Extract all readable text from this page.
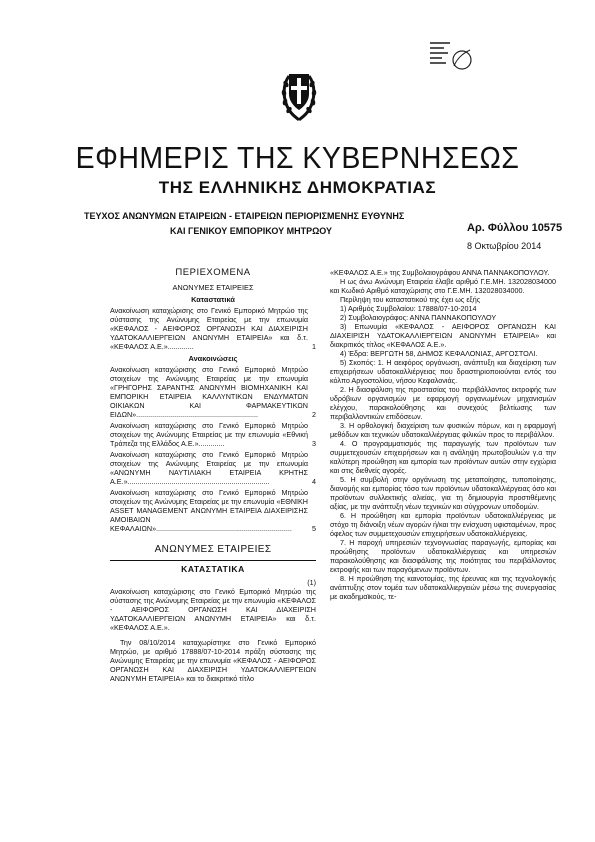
ΕΦΗΜΕΡΙΣ ΤΗΣ ΚΥΒΕΡΝΗΣΕΩΣ
ΤΗΣ ΕΛΛΗΝΙΚΗΣ ΔΗΜΟΚΡΑΤΙΑΣ
ΤΕΥΧΟΣ ΑΝΩΝΥΜΩΝ ΕΤΑΙΡΕΙΩΝ - ΕΤΑΙΡΕΙΩΝ ΠΕΡΙΟΡΙΣΜΕΝΗΣ ΕΥΘΥΝΗΣ
ΚΑΙ ΓΕΝΙΚΟΥ ΕΜΠΟΡΙΚΟΥ ΜΗΤΡΩΟΥ	Αρ. Φύλλου 10575
8 Οκτωβρίου 2014
ΠΕΡΙΕΧΟΜΕΝΑ
ΑΝΩΝΥΜΕΣ ΕΤΑΙΡΕΙΕΣ
Καταστατικά
Ανακοίνωση καταχώρισης στο Γενικό Εμπορικό Μητρώο της σύστασης της Ανώνυμης Εταιρείας με την επωνυμία «ΚΕΦΑΛΟΣ - ΑΕΙΦΟΡΟΣ ΟΡΓΑΝΩΣΗ ΚΑΙ ΔΙΑΧΕΙΡΙΣΗ ΥΔΑΤΟΚΑΛΛΙΕΡΓΕΙΩΝ ΑΝΩΝΥΜΗ ΕΤΑΙΡΕΙΑ» και δ.τ. «ΚΕΦΑΛΟΣ Α.Ε.».............	1
Ανακοινώσεις
Ανακοίνωση καταχώρισης στο Γενικό Εμπορικό Μητρώο στοιχείων της Ανώνυμης Εταιρείας με την επωνυμία «ΓΡΗΓΟΡΗΣ ΣΑΡΑΝΤΗΣ ΑΝΩΝΥΜΗ ΒΙΟΜΗΧΑΝΙΚΗ ΚΑΙ ΕΜΠΟΡΙΚΗ ΕΤΑΙΡΕΙΑ ΚΑΛΛΥΝΤΙΚΩΝ ΕΝΔΥΜΑΤΩΝ ΟΙΚΙΑΚΩΝ ΚΑΙ ΦΑΡΜΑΚΕΥΤΙΚΩΝ ΕΙΔΩΝ».............................................................	2
Ανακοίνωση καταχώρισης στο Γενικό Εμπορικό Μητρώο στοιχείων της Ανώνυμης Εταιρείας με την επωνυμία «Εθνική Τράπεζα της Ελλάδος Α.Ε.».............	3
Ανακοίνωση καταχώρισης στο Γενικό Εμπορικό Μητρώο στοιχείων της Ανώνυμης Εταιρείας με την επωνυμία «ΑΝΩΝΥΜΗ ΝΑΥΤΙΛΙΑΚΗ ΕΤΑΙΡΕΙΑ ΚΡΗΤΗΣ Α.Ε.».......................................................................	4
Ανακοίνωση καταχώρισης στο Γενικό Εμπορικό Μητρώο στοιχείων της Ανώνυμης Εταιρείας με την επωνυμία «ΕΘΝΙΚΗ ASSET MANAGEMENT ΑΝΩΝΥΜΗ ΕΤΑΙΡΕΙΑ ΔΙΑΧΕΙΡΙΣΗΣ ΑΜΟΙΒΑΙΩΝ ΚΕΦΑΛΑΙΩΝ»....................................................................	5
ΑΝΩΝΥΜΕΣ ΕΤΑΙΡΕΙΕΣ
ΚΑΤΑΣΤΑΤΙΚΑ
(1)
Ανακοίνωση καταχώρισης στο Γενικό Εμπορικό Μητρώο της σύστασης της Ανώνυμης Εταιρείας με την επωνυμία «ΚΕΦΑΛΟΣ - ΑΕΙΦΟΡΟΣ ΟΡΓΑΝΩΣΗ ΚΑΙ ΔΙΑΧΕΙΡΙΣΗ ΥΔΑΤΟΚΑΛΛΙΕΡΓΕΙΩΝ ΑΝΩΝΥΜΗ ΕΤΑΙΡΕΙΑ» και δ.τ. «ΚΕΦΑΛΟΣ Α.Ε.».

Την 08/10/2014 καταχωρίστηκε στο Γενικό Εμπορικό Μητρώο, με αριθμό 17888/07-10-2014 πράξη σύστασης της Ανώνυμης Εταιρείας με την επωνυμία «ΚΕΦΑΛΟΣ - ΑΕΙΦΟΡΟΣ ΟΡΓΑΝΩΣΗ ΚΑΙ ΔΙΑΧΕΙΡΙΣΗ ΥΔΑΤΟΚΑΛΛΙΕΡΓΕΙΩΝ ΑΝΩΝΥΜΗ ΕΤΑΙΡΕΙΑ» και το διακριτικό τίτλο

«ΚΕΦΑΛΟΣ Α.Ε.» της Συμβολαιογράφου ΑΝΝΑ ΠΑΝΝΑΚΟΠΟΥΛΟΥ.

Η ως άνω Ανώνυμη Εταιρεία έλαβε αριθμό Γ.Ε.ΜΗ. 132028034000 και Κωδικό Αριθμό καταχώρισης στο Γ.Ε.ΜΗ. 132028034000.

Περίληψη του καταστατικού της έχει ως εξής

1) Αριθμός Συμβολαίου: 17888/07-10-2014

2) Συμβολαιογράφος: ΑΝΝΑ ΠΑΝΝΑΚΟΠΟΥΛΟΥ

3) Επωνυμία «ΚΕΦΑΛΟΣ - ΑΕΙΦΟΡΟΣ ΟΡΓΑΝΩΣΗ ΚΑΙ ΔΙΑΧΕΙΡΙΣΗ ΥΔΑΤΟΚΑΛΛΙΕΡΓΕΙΩΝ ΑΝΩΝΥΜΗ ΕΤΑΙΡΕΙΑ» και διακριτικός τίτλος «ΚΕΦΑΛΟΣ Α.Ε.».

4) Έδρα: ΒΕΡΓΩΤΗ 58, ΔΗΜΟΣ ΚΕΦΑΛΟΝΙΑΣ, ΑΡΓΟΣΤΟΛΙ.

5) Σκοπός: 1. Η αειφόρος οργάνωση, ανάπτυξη και διαχείριση των επιχειρήσεων υδατοκαλλιέργειας που δραστηριοποιούνται εντός του κόλπο Αργοστολίου, νήσου Κεφαλονιάς.

2. Η διασφάλιση της προστασίας του περιβάλλοντος εκτροφής των υδρόβιων οργανισμών με εφαρμογή οργανωμένων μηχανισμών ελέγχου, παρακολούθησης και συνεχούς βελτίωσης των περιβαλλοντικών επιδόσεων.

3. Η ορθολογική διαχείριση των φυσικών πόρων, και η εφαρμογή μεθόδων και τεχνικών υδατοκαλλιέργειας φιλικών προς το περιβάλλον.

4. Ο προγραμματισμός της παραγωγής των προϊόντων των συμμετεχουσών επιχειρήσεων και η ανάληψη πρωτοβουλιών γ.α την καλύτερη προώθηση και εμπορία των προϊόντων αυτών στην εγχώρια και στις διεθνείς αγορές.

5. Η συμβολή στην οργάνωση της μεταποίησης, τυποποίησης, διανομής και εμπορίας τόσο των προϊόντων υδατοκαλλιέργειας όσο και προϊόντων συλλεκτικής αλιείας, για τη δημιουργία προστιθέμενης αξίας, με την ανάπτυξη νέων τεχνικών και σύγχρονων υποδομών.

6. Η προώθηση και εμπορία προϊόντων υδατοκαλλιέργειας με στόχο τη διάνοιξη νέων αγορών ή/και την ενίσχυση υφισταμένων, προς όφελος των συμμετεχουσών επιχειρήσεων υδατοκαλλιέργειας.

7. Η παροχή υπηρεσιών τεχνογνωσίας παραγωγής, εμπορίας και προώθησης προϊόντων υδατοκαλλιέργειας και υπηρεσιών παρακολούθησης και διασφάλισης της ποιότητας του περιβάλλοντος εκτροφής και των παραγόμενων προϊόντων.

8. Η προώθηση της καινοτομίας, της έρευνας και της τεχνολογικής ανάπτυξης στον τομέα των υδατοκαλλιεργειών μέσω της συνεργασίας με ακαδημαϊκούς, τε-
